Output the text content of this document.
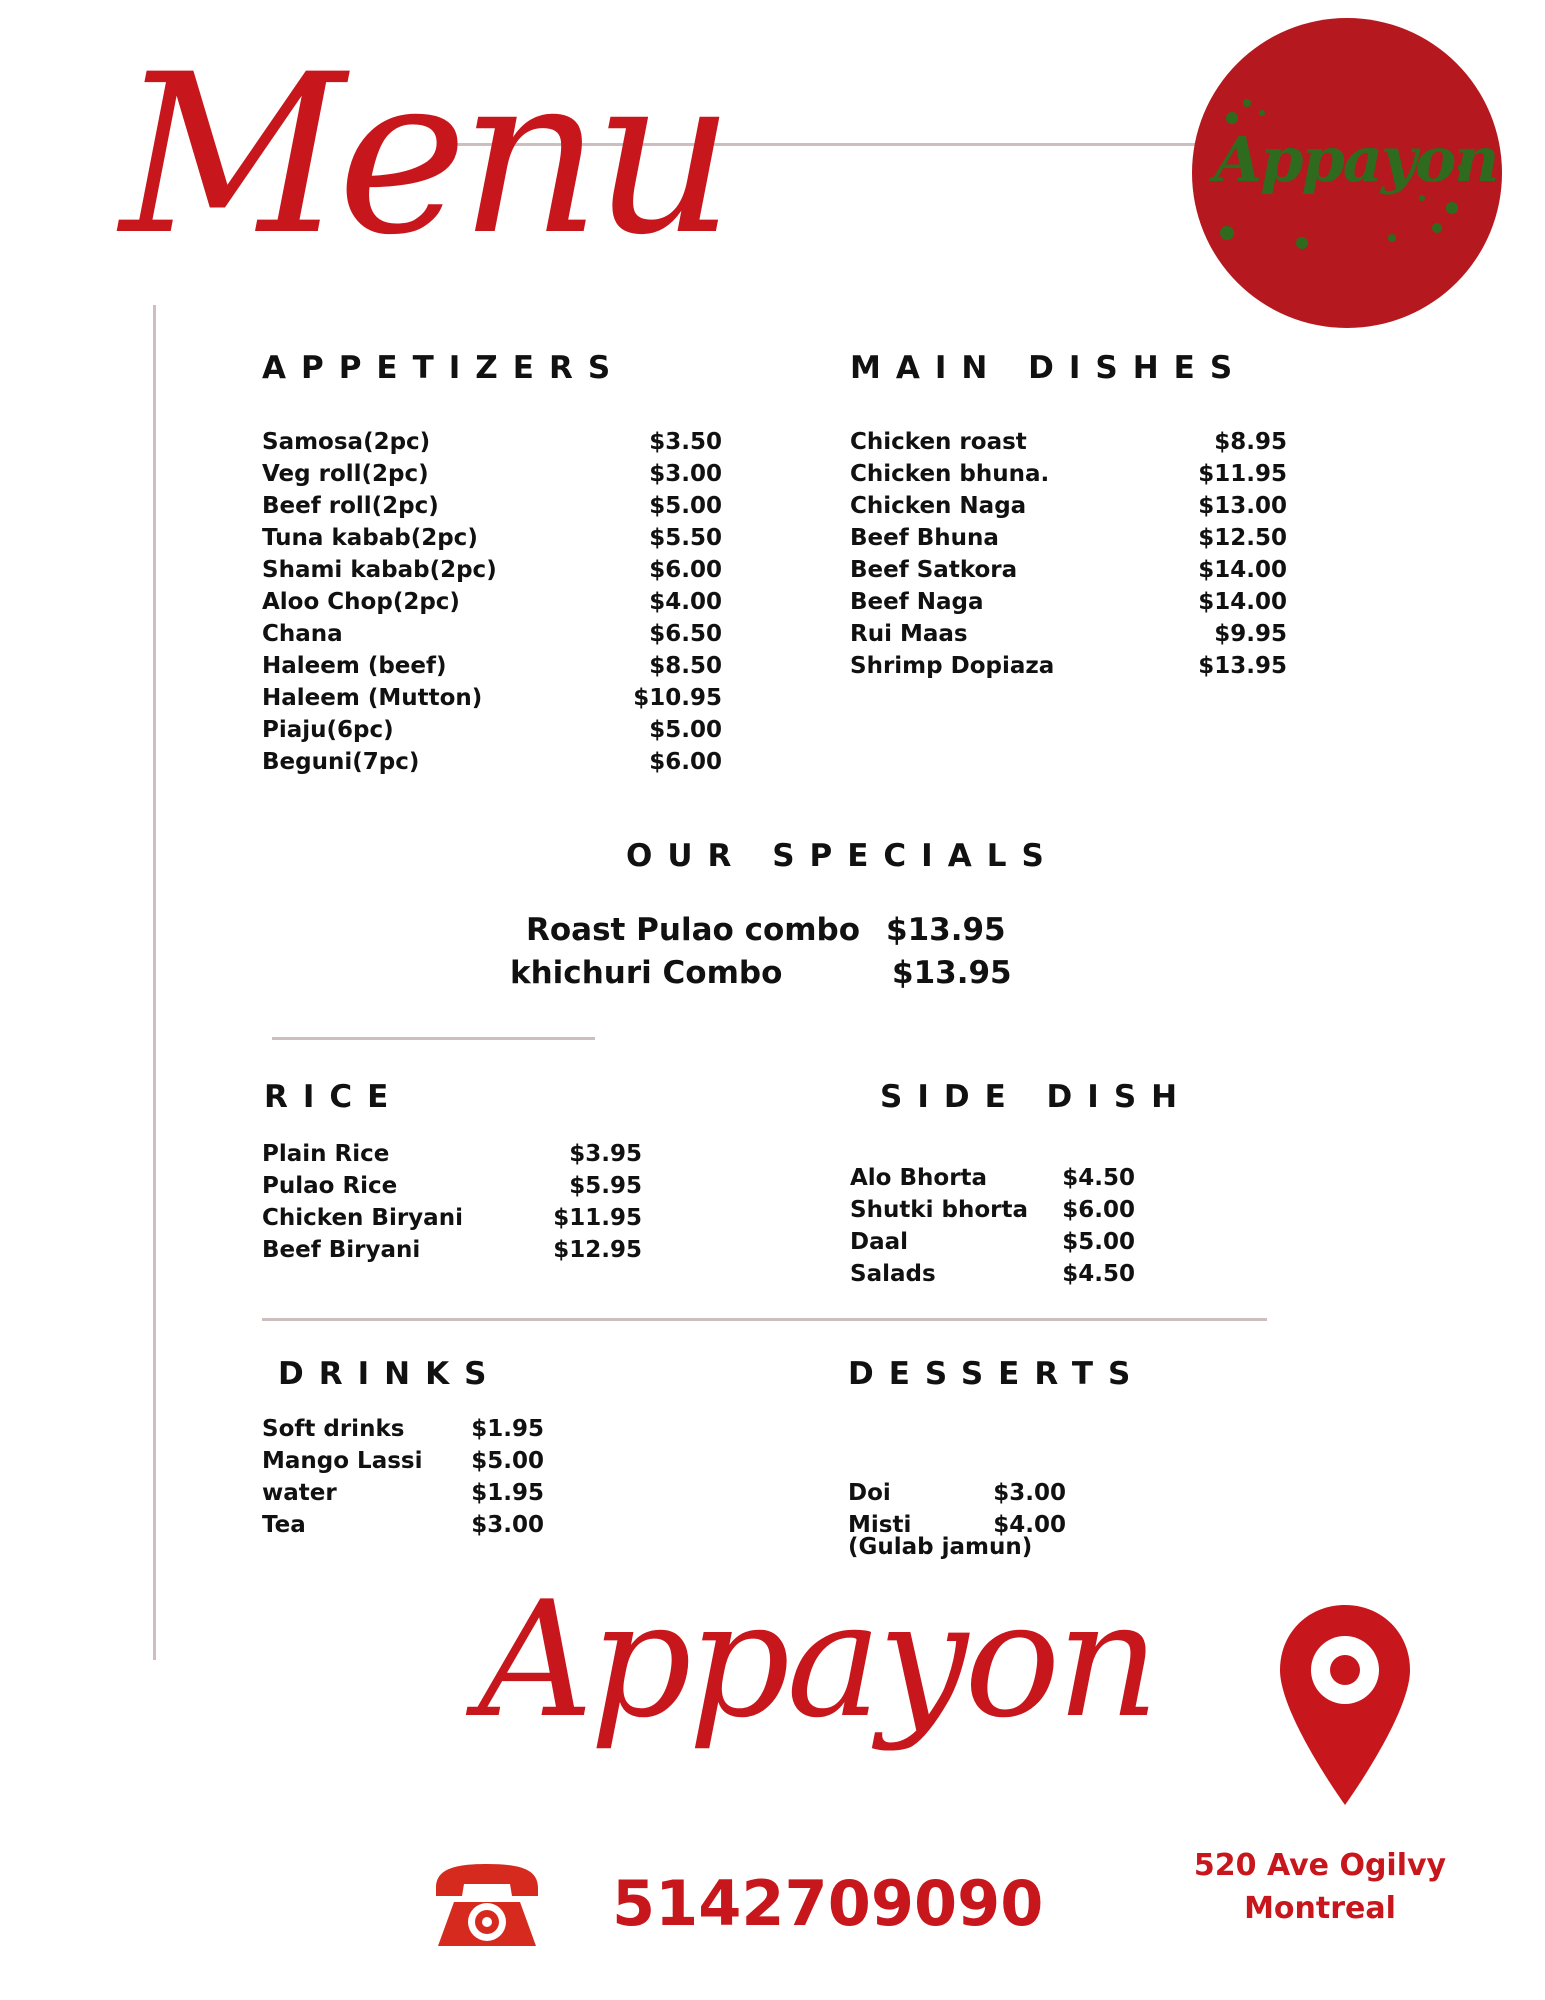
Menu	Appayon
APPETIZERS
Samosa(2pc)	$3.50
Veg roll(2pc)	$3.00
Beef roll(2pc)	$5.00
Tuna kabab(2pc)	$5.50
Shami kabab(2pc)	$6.00
Aloo Chop(2pc)	$4.00
Chana	$6.50
Haleem (beef)	$8.50
Haleem (Mutton)	$10.95
Piaju(6pc)	$5.00
Beguni(7pc)	$6.00
MAIN DISHES
Chicken roast	$8.95
Chicken bhuna.	$11.95
Chicken Naga	$13.00
Beef Bhuna	$12.50
Beef Satkora	$14.00
Beef Naga	$14.00
Rui Maas	$9.95
Shrimp Dopiaza	$13.95
OUR SPECIALS
Roast Pulao combo $13.95
khichuri Combo	$13.95
RICE
Plain Rice	$3.95
Pulao Rice	$5.95
Chicken Biryani	$11.95
Beef Biryani	$12.95
SIDE DISH
Alo Bhorta	$4.50
Shutki bhorta $6.00
Daal	$5.00
Salads	$4.50
DRINKS
Soft drinks	$1.95
Mango Lassi $5.00
water	$1.95
Tea	$3.00
DESSERTS
Doi	$3.00
Misti	$4.00
(Gulab jamun)
Appayon
520 Ave Ogilvy
Montreal
5142709090
